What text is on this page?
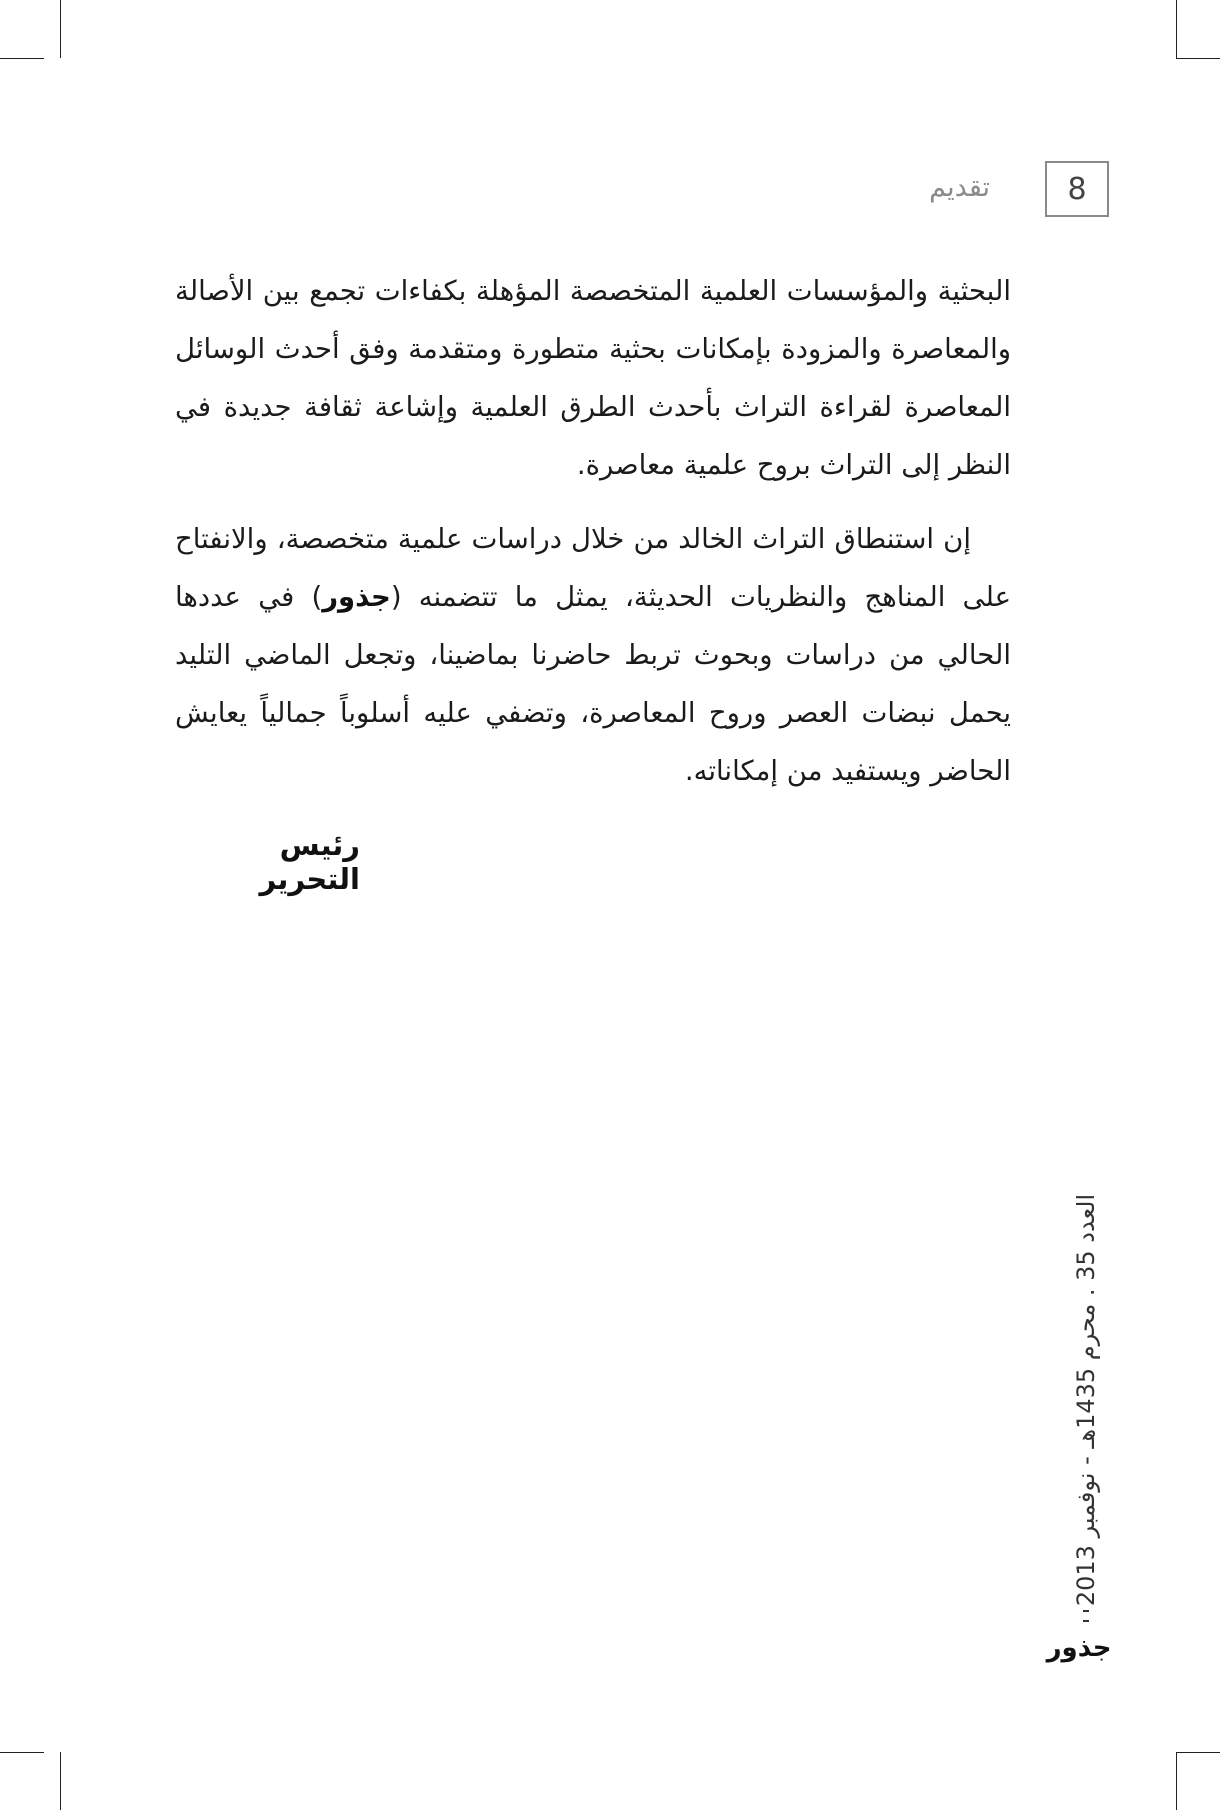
8
تقديم

البحثية والمؤسسات العلمية المتخصصة المؤهلة بكفاءات تجمع بين الأصالة والمعاصرة والمزودة بإمكانات بحثية متطورة ومتقدمة وفق أحدث الوسائل المعاصرة لقراءة التراث بأحدث الطرق العلمية وإشاعة ثقافة جديدة في النظر إلى التراث بروح علمية معاصرة.

إن استنطاق التراث الخالد من خلال دراسات علمية متخصصة، والانفتاح على المناهج والنظريات الحديثة، يمثل ما تتضمنه (جذور) في عددها الحالي من دراسات وبحوث تربط حاضرنا بماضينا، وتجعل الماضي التليد يحمل نبضات العصر وروح المعاصرة، وتضفي عليه أسلوباً جمالياً يعايش الحاضر ويستفيد من إمكاناته.

رئيس التحرير
العدد 35 . محرم 1435هـ - نوفمبر 2013
جذور
